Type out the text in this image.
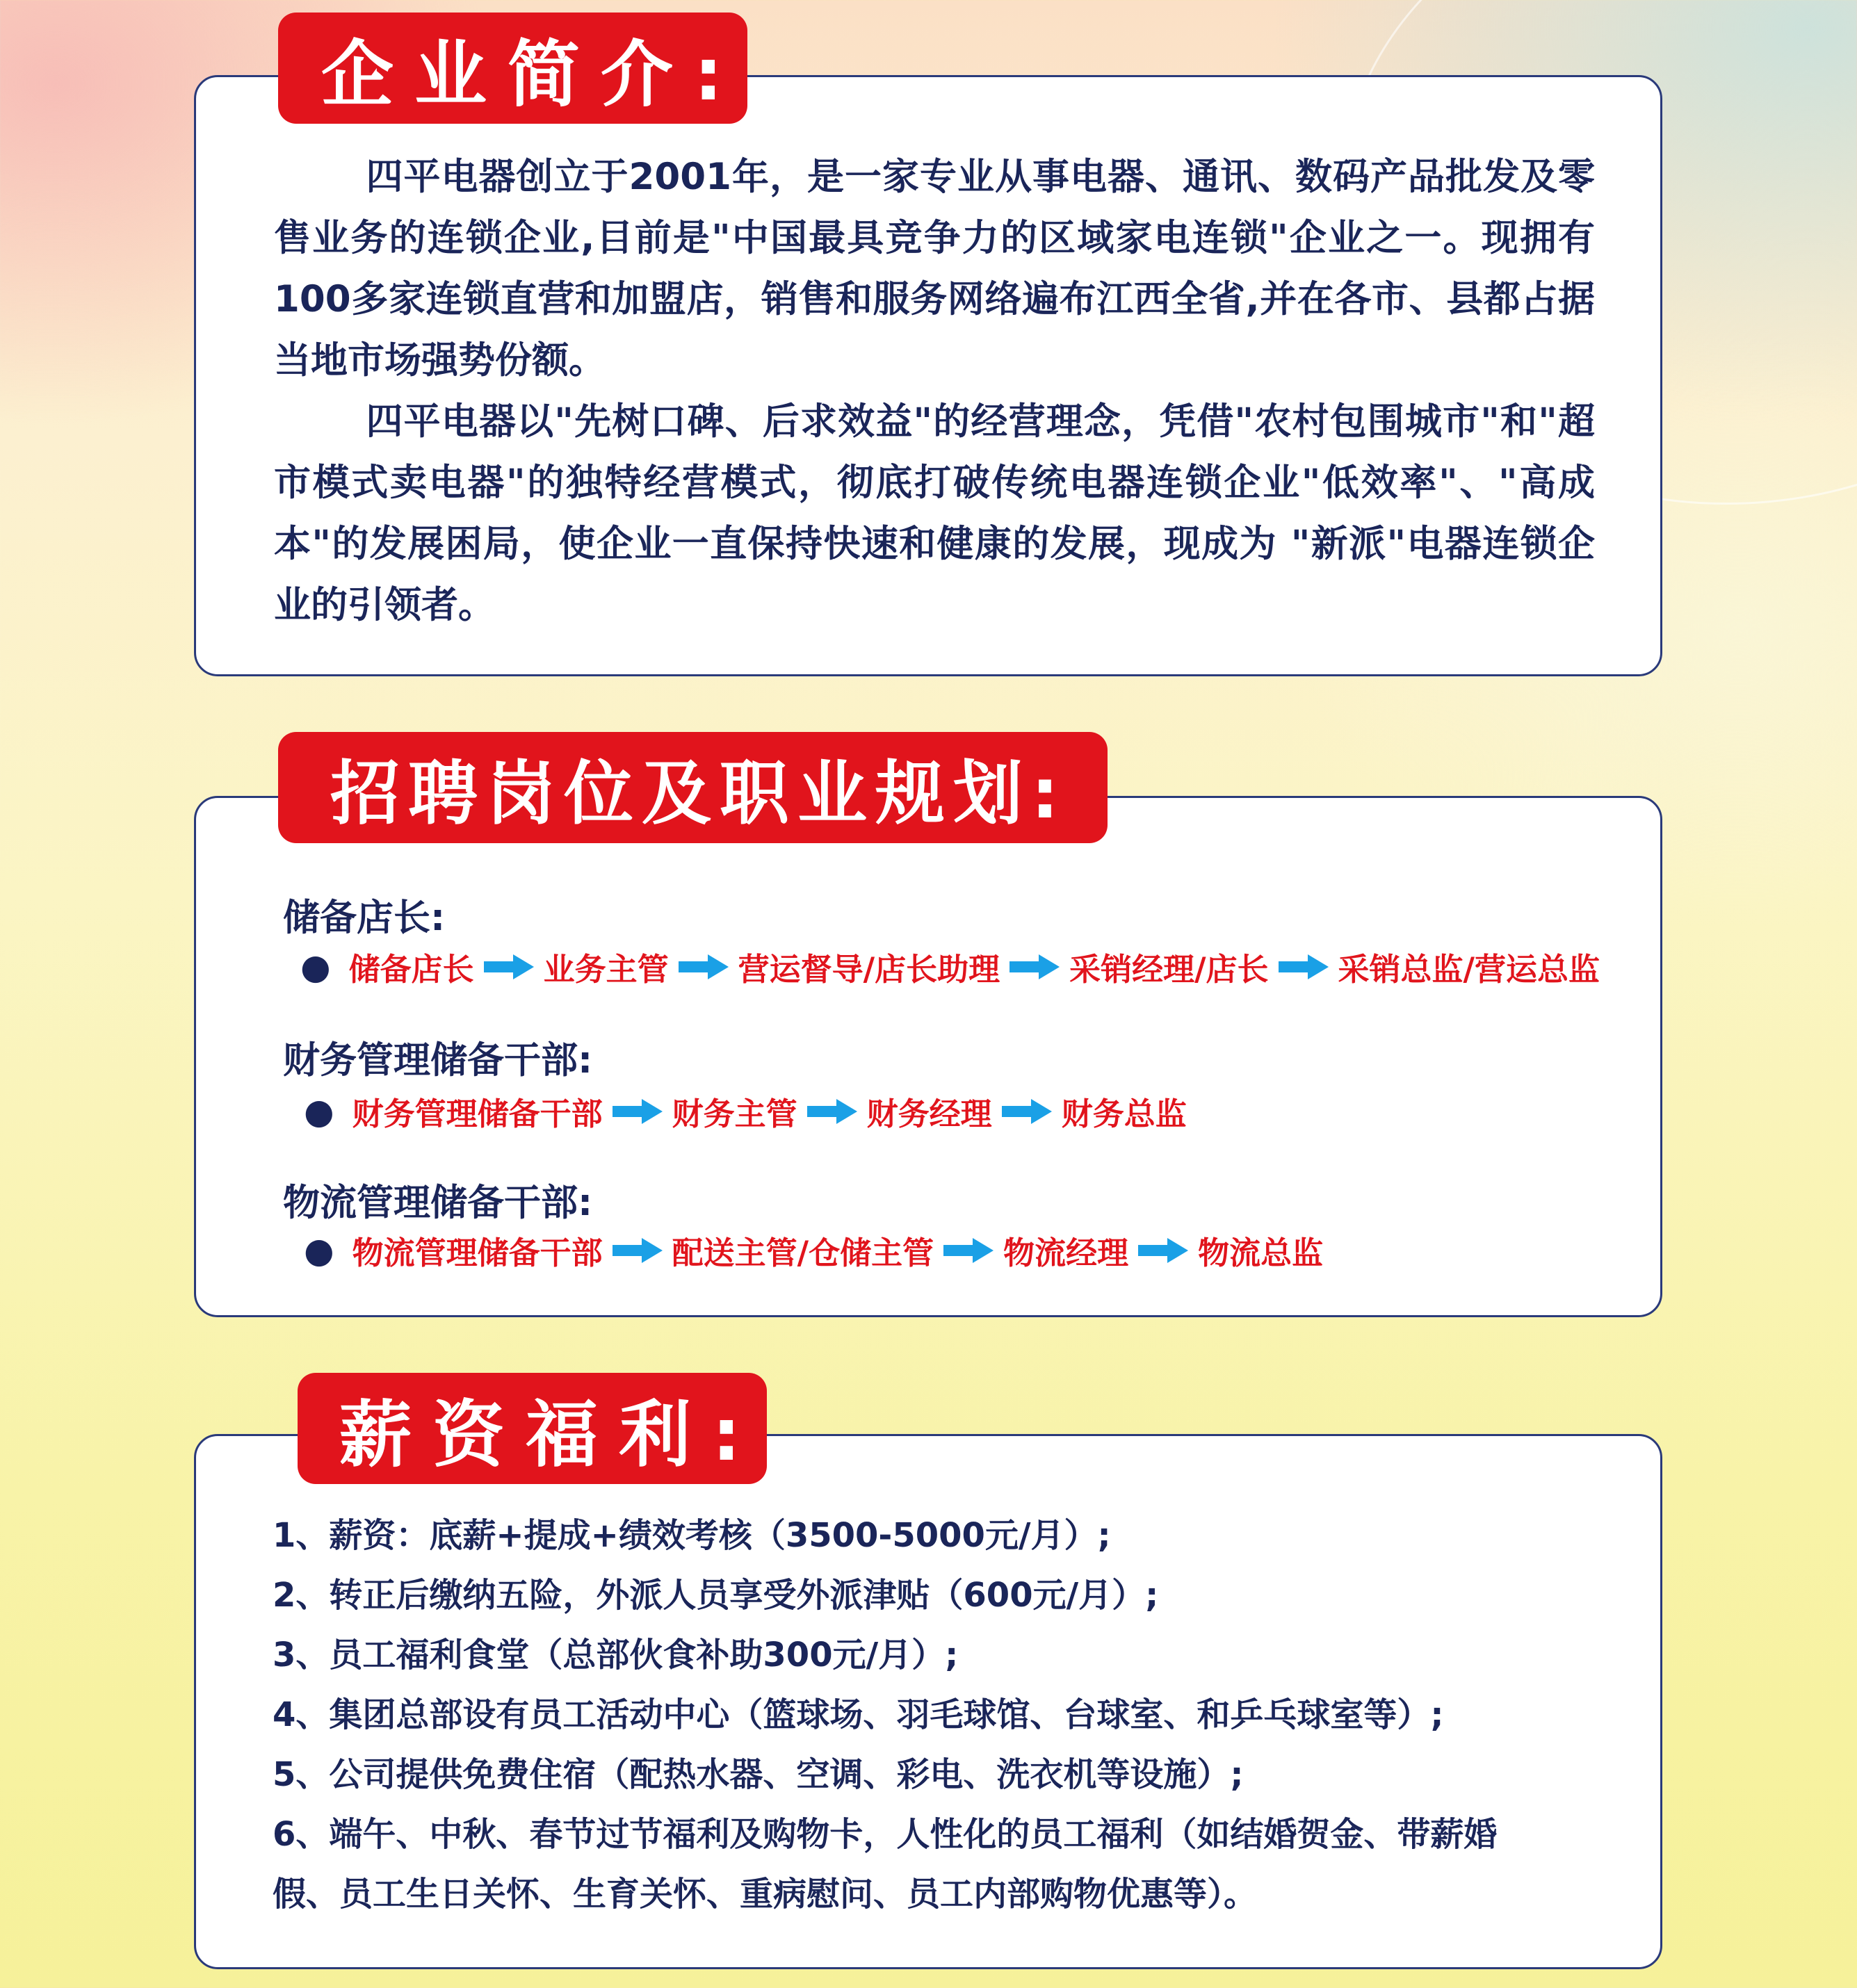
四平电器创立于2001年，是一家专业从事电器、通讯、数码产品批发及零售业务的连锁企业,目前是"中国最具竞争力的区域家电连锁"企业之一。现拥有100多家连锁直营和加盟店，销售和服务网络遍布江西全省,并在各市、县都占据当地市场强势份额。

四平电器以"先树口碑、后求效益"的经营理念，凭借"农村包围城市"和"超市模式卖电器"的独特经营模式，彻底打破传统电器连锁企业"低效率"、"高成本"的发展困局，使企业一直保持快速和健康的发展，现成为 "新派"电器连锁企业的引领者。

企业简介:
储备店长:
● 储备店长 业务主管 营运督导/店长助理 采销经理/店长 采销总监/营运总监
财务管理储备干部:
● 财务管理储备干部 财务主管 财务经理 财务总监
物流管理储备干部:
● 物流管理储备干部 配送主管/仓储主管 物流经理 物流总监
招聘岗位及职业规划:
1、薪资：底薪+提成+绩效考核（3500-5000元/月）;
2、转正后缴纳五险，外派人员享受外派津贴（600元/月）;
3、员工福利食堂（总部伙食补助300元/月）;
4、集团总部设有员工活动中心（篮球场、羽毛球馆、台球室、和乒乓球室等）;
5、公司提供免费住宿（配热水器、空调、彩电、洗衣机等设施）;
6、端午、中秋、春节过节福利及购物卡，人性化的员工福利（如结婚贺金、带薪婚
假、员工生日关怀、生育关怀、重病慰问、员工内部购物优惠等）。
薪资福利:
